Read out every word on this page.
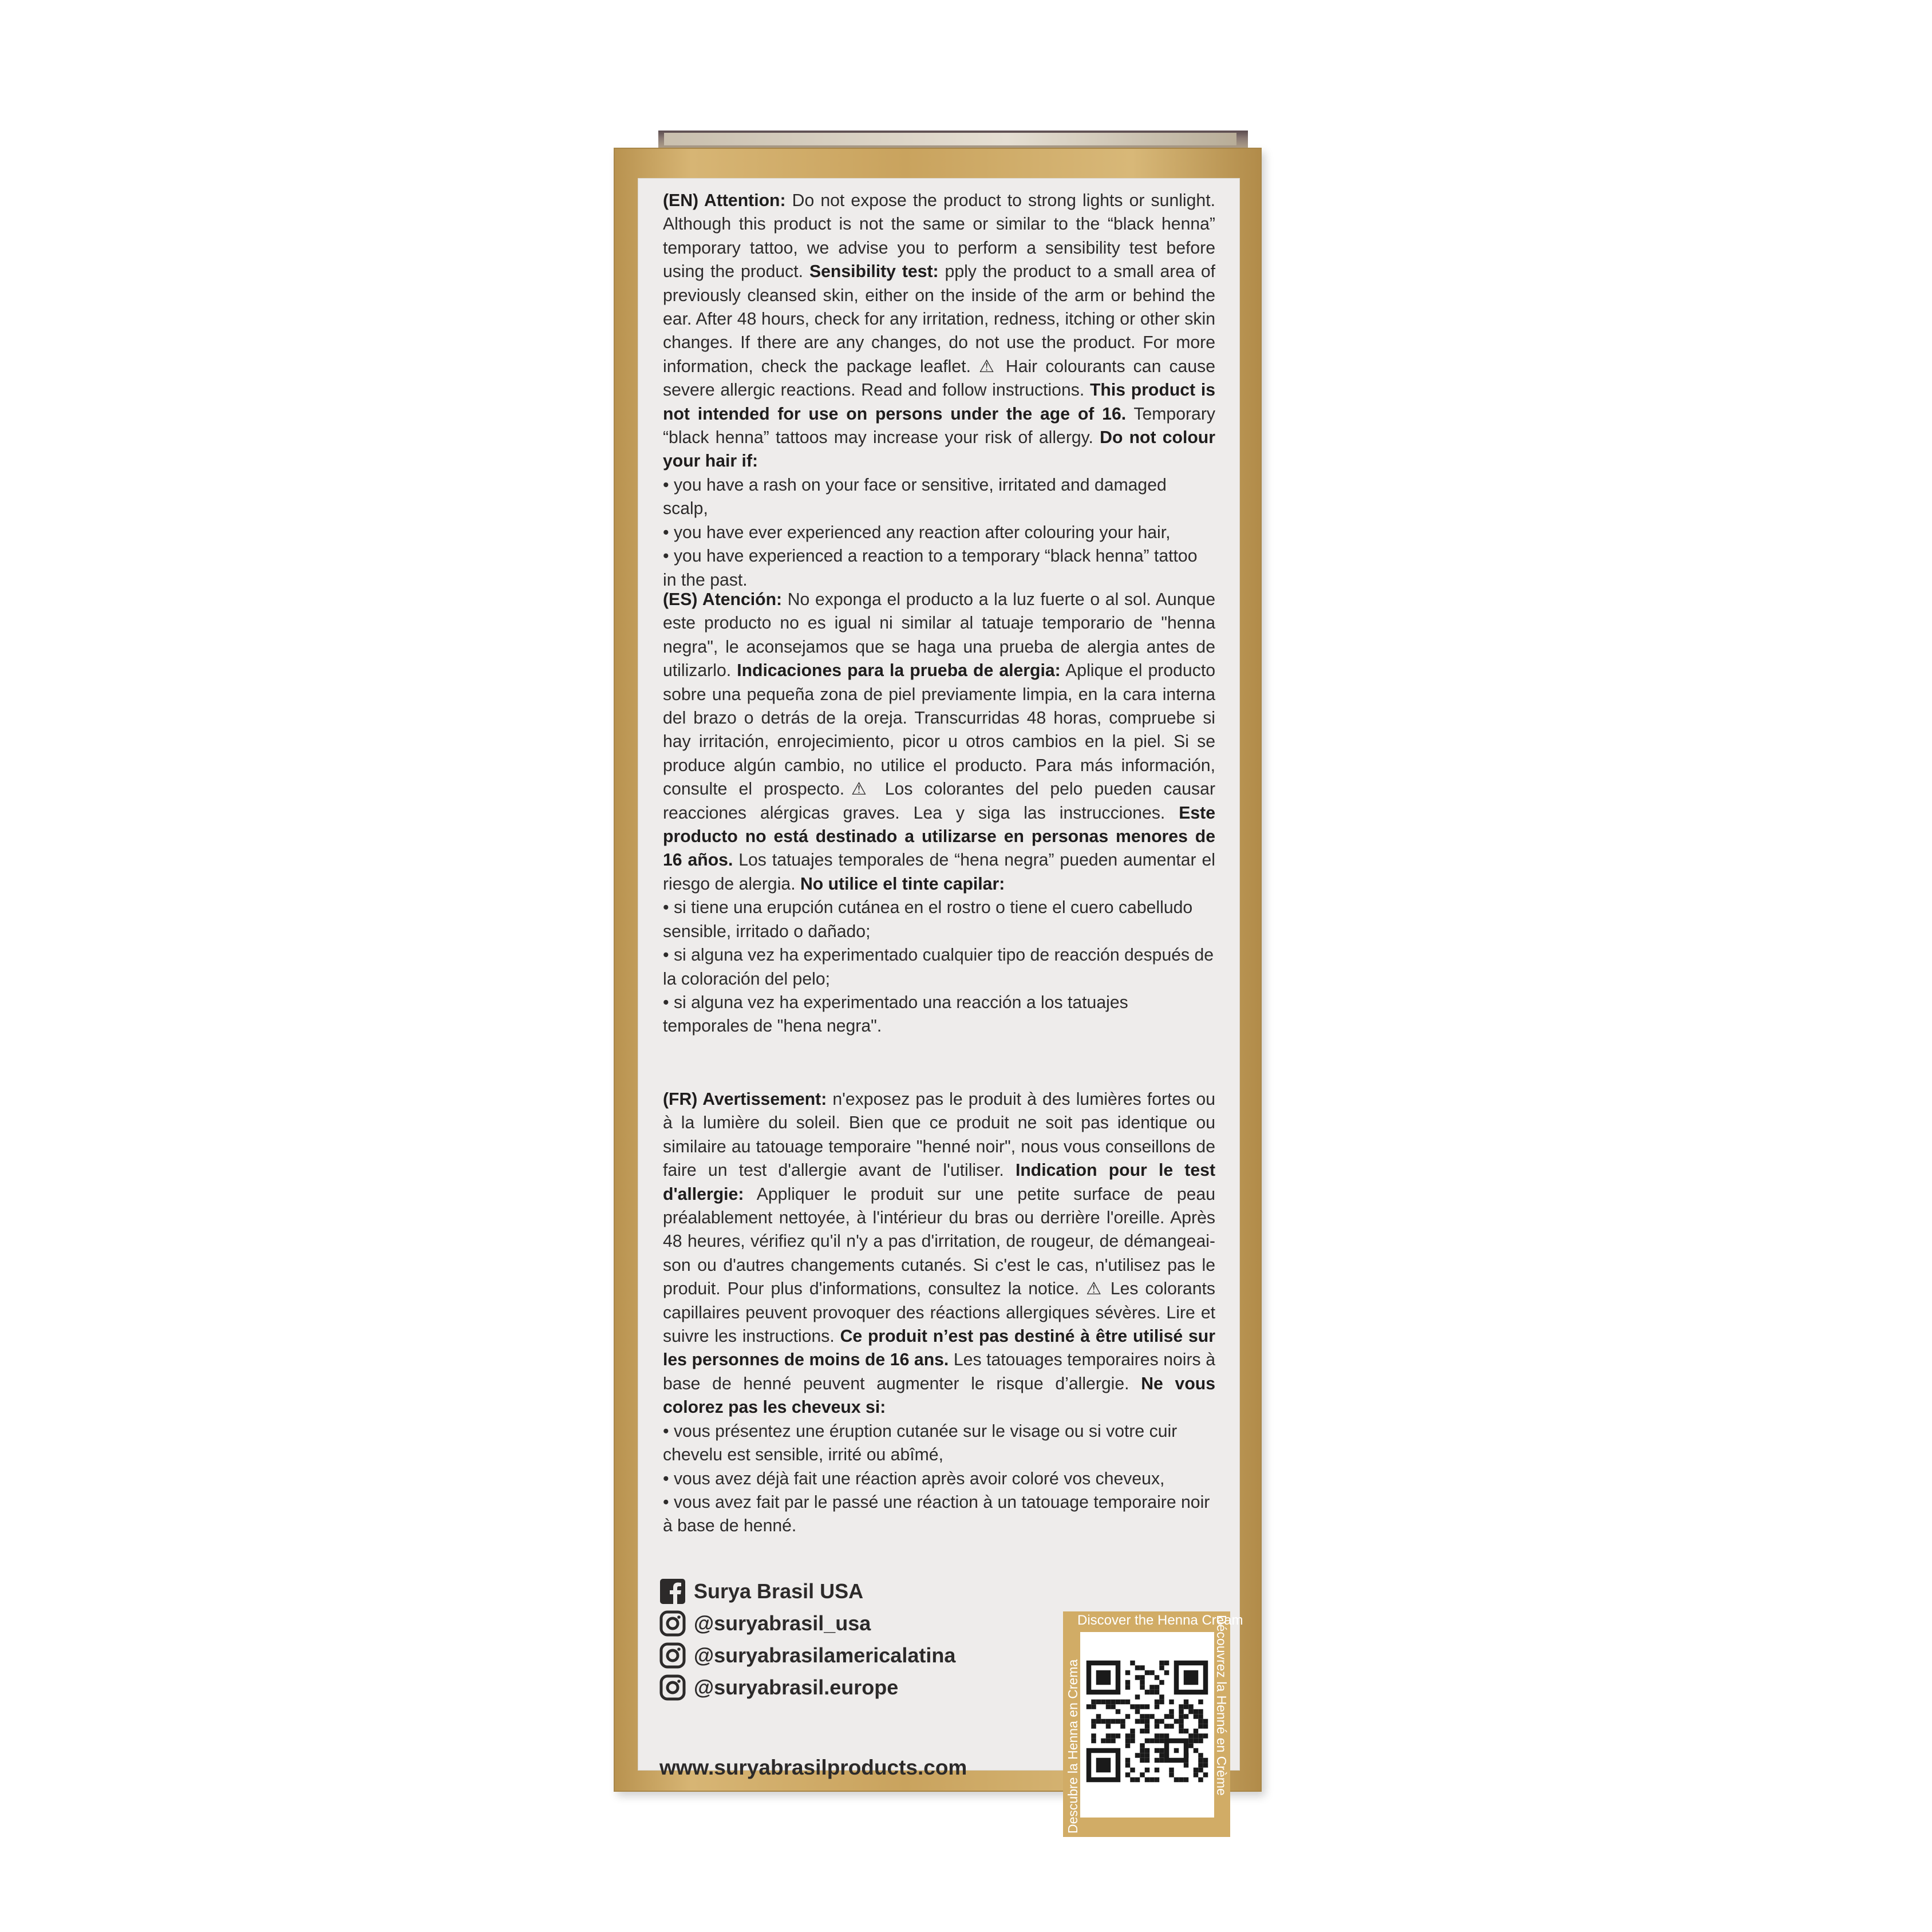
(EN) Attention: Do not expose the product to strong lights or sunlight. Although this product is not the same or similar to the “black henna” temporary tattoo, we advise you to perform a sensibility test before using the product. Sensibility test: pply the product to a small area of previously cleansed skin, either on the inside of the arm or behind the ear. After 48 hours, check for any irritation, redness, itching or other skin changes. If there are any changes, do not use the product. For more information, check the package leaflet. ⚠ Hair colourants can cause severe allergic reactions. Read and follow instructions. This product is not intended for use on persons under the age of 16. Temporary “black henna” tattoos may increase your risk of allergy. Do not colour your hair if:

• you have a rash on your face or sensitive, irritated and damaged scalp,
• you have ever experienced any reaction after colouring your hair,
• you have experienced a reaction to a temporary “black henna” tattoo in the past.

(ES) Atención: No exponga el producto a la luz fuerte o al sol. Aunque este producto no es igual ni similar al tatuaje temporario de "henna negra", le aconsejamos que se haga una prueba de alergia antes de utilizarlo. Indicaciones para la prueba de alergia: Aplique el producto sobre una pequeña zona de piel previamente limpia, en la cara interna del brazo o detrás de la oreja. Transcurridas 48 horas, compruebe si hay irritación, enrojecimiento, picor u otros cambios en la piel. Si se produce algún cambio, no utilice el producto. Para más información, consulte el prospecto.⚠ Los colorantes del pelo pueden causar reacciones alérgicas graves. Lea y siga las instrucciones. Este producto no está destinado a utilizarse en personas menores de 16 años. Los tatuajes temporales de “hena negra” pueden aumentar el riesgo de alergia. No utilice el tinte capilar:

• si tiene una erupción cutánea en el rostro o tiene el cuero cabelludo sensible, irritado o dañado;
• si alguna vez ha experimentado cualquier tipo de reacción después de la coloración del pelo;
• si alguna vez ha experimentado una reacción a los tatuajes temporales de "hena negra".

(FR) Avertissement: n'exposez pas le produit à des lumières fortes ou à la lumière du soleil. Bien que ce produit ne soit pas identique ou similaire au tatouage temporaire "henné noir", nous vous conseillons de faire un test d'allergie avant de l'utiliser. Indication pour le test d'allergie: Appliquer le produit sur une petite surface de peau préalablement nettoyée, à l'intérieur du bras ou derrière l'oreille. Après 48 heures, vérifiez qu'il n'y a pas d'irritation, de rougeur, de démangeai-son ou d'autres changements cutanés. Si c'est le cas, n'utilisez pas le produit. Pour plus d'informations, consultez la notice. ⚠ Les colorants capillaires peuvent provoquer des réactions allergiques sévères. Lire et suivre les instructions. Ce produit n’est pas destiné à être utilisé sur les personnes de moins de 16 ans. Les tatouages temporaires noirs à base de henné peuvent augmenter le risque d’allergie. Ne vous colorez pas les cheveux si:

• vous présentez une éruption cutanée sur le visage ou si votre cuir chevelu est sensible, irrité ou abîmé,
• vous avez déjà fait une réaction après avoir coloré vos cheveux,
• vous avez fait par le passé une réaction à un tatouage temporaire noir à base de henné.
Surya Brasil USA
@suryabrasil_usa
@suryabrasilamericalatina
@suryabrasil.europe
www.suryabrasilproducts.com
Discover the Henna Cream
Descubre la Henna en Crema	Découvrez la Henné en Crème
